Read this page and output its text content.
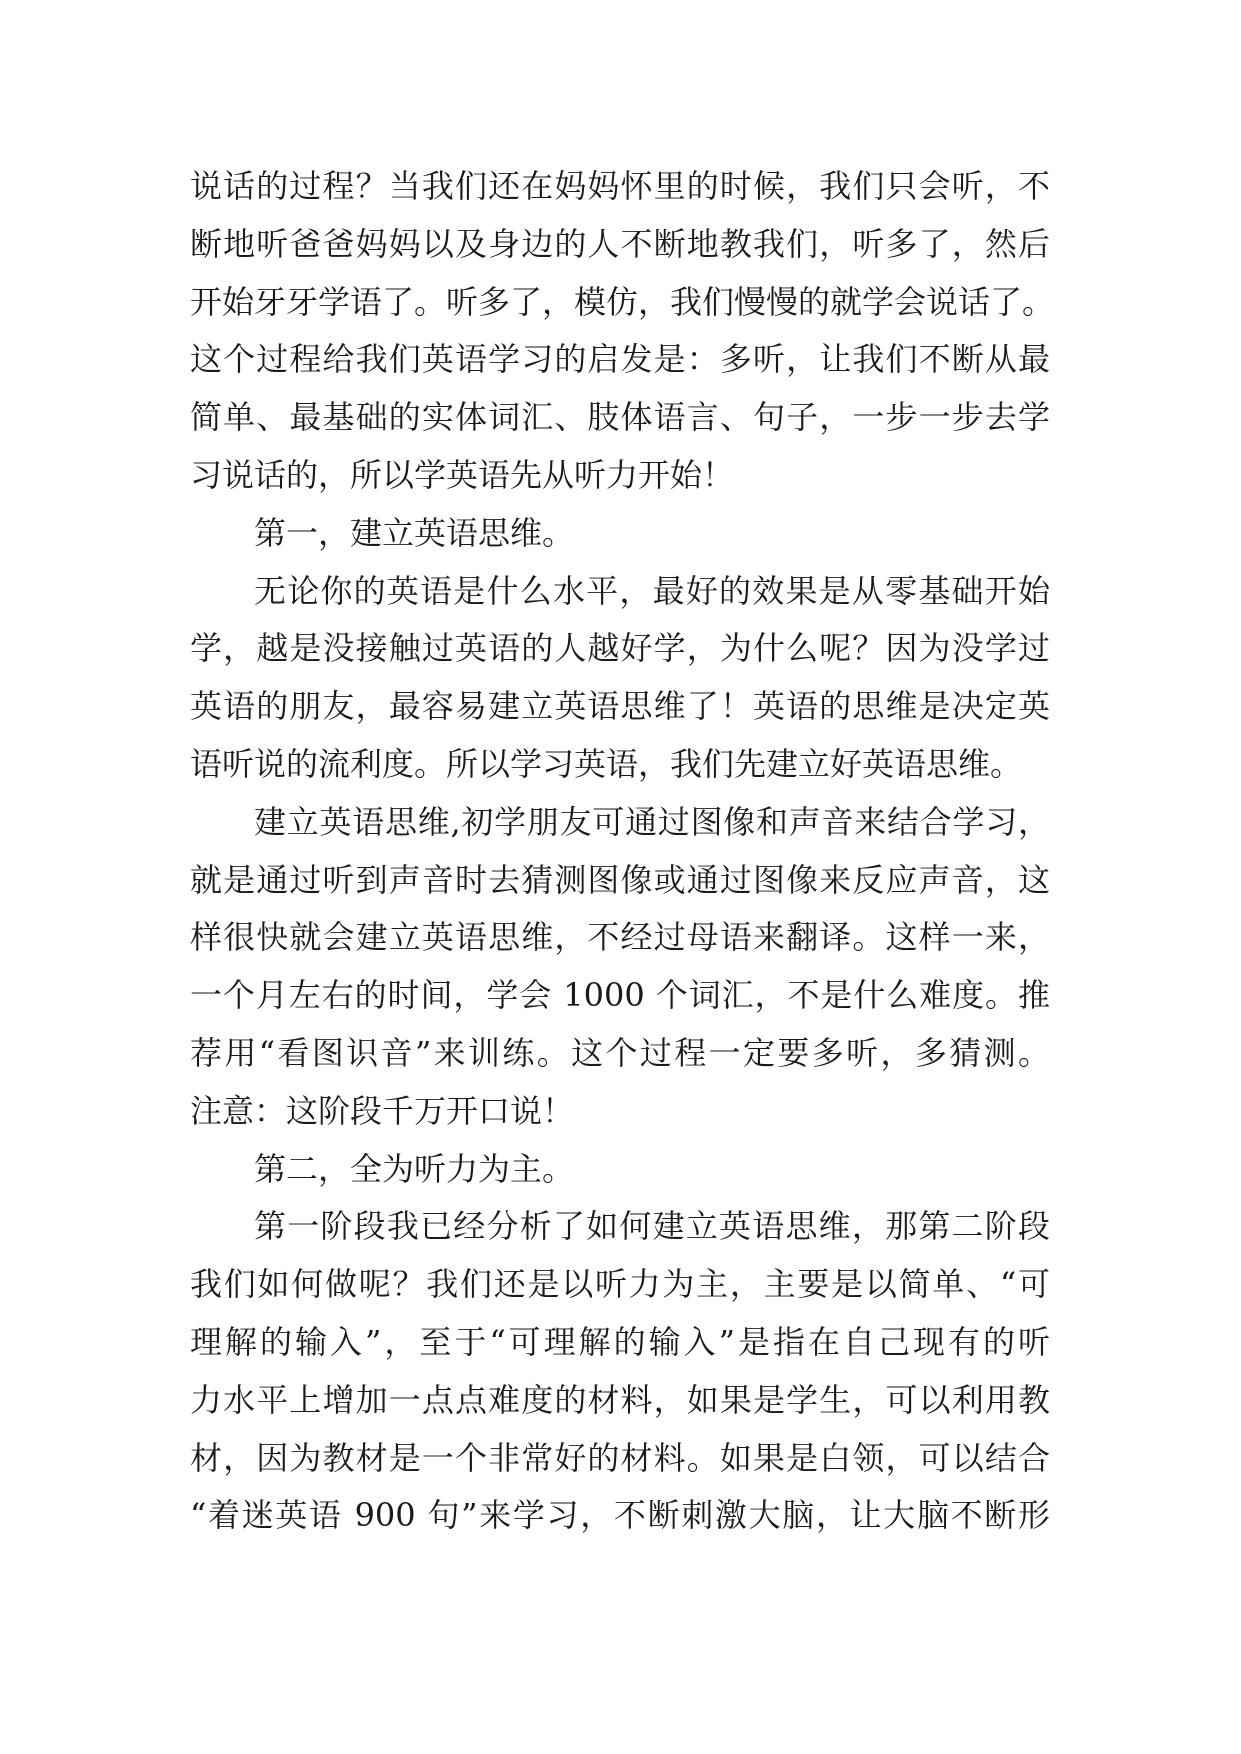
说话的过程？当我们还在妈妈怀里的时候，我们只会听，不
断地听爸爸妈妈以及身边的人不断地教我们，听多了，然后
开始牙牙学语了。听多了，模仿，我们慢慢的就学会说话了。
这个过程给我们英语学习的启发是：多听，让我们不断从最
简单、最基础的实体词汇、肢体语言、句子，一步一步去学
习说话的，所以学英语先从听力开始！
第一，建立英语思维。
无论你的英语是什么水平，最好的效果是从零基础开始
学，越是没接触过英语的人越好学，为什么呢？因为没学过
英语的朋友，最容易建立英语思维了！英语的思维是决定英
语听说的流利度。所以学习英语，我们先建立好英语思维。
建立英语思维,初学朋友可通过图像和声音来结合学习，
就是通过听到声音时去猜测图像或通过图像来反应声音，这
样很快就会建立英语思维，不经过母语来翻译。这样一来，
一个月左右的时间，学会 1000 个词汇，不是什么难度。推
荐用“看图识音”来训练。这个过程一定要多听，多猜测。
注意：这阶段千万开口说！
第二，全为听力为主。
第一阶段我已经分析了如何建立英语思维，那第二阶段
我们如何做呢？我们还是以听力为主，主要是以简单、“可
理解的输入”，至于“可理解的输入”是指在自己现有的听
力水平上增加一点点难度的材料，如果是学生，可以利用教
材，因为教材是一个非常好的材料。如果是白领，可以结合
“着迷英语 900 句”来学习，不断刺激大脑，让大脑不断形
